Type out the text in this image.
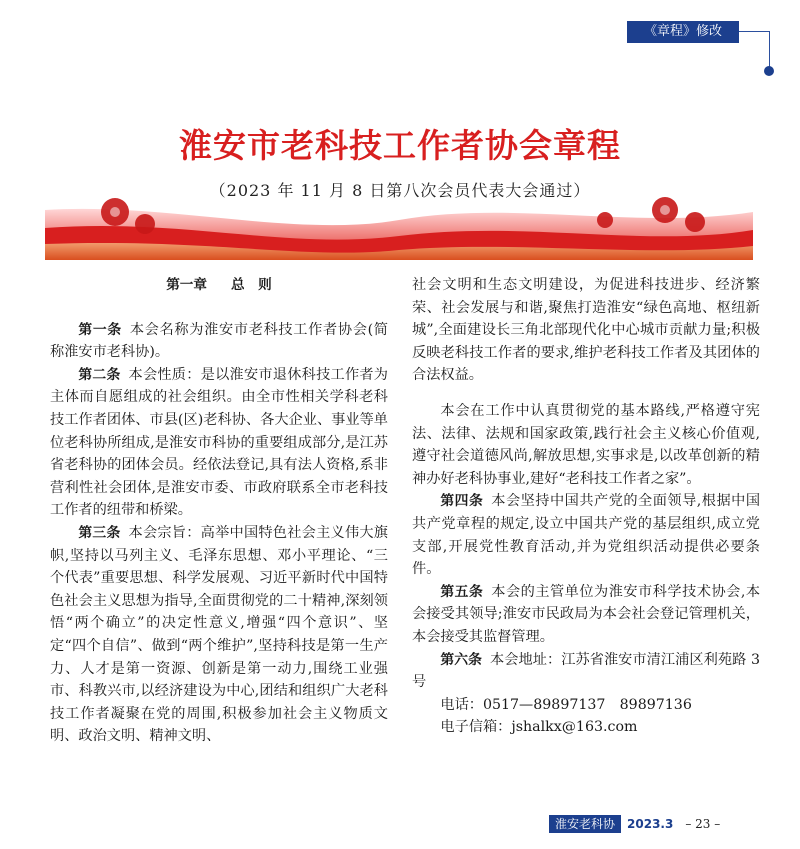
《章程》修改
淮安市老科技工作者协会章程
（2023 年 11 月 8 日第八次会员代表大会通过）

第一章 总　则

第一条 本会名称为淮安市老科技工作者协会(简称淮安市老科协)。

第二条 本会性质：是以淮安市退休科技工作者为主体而自愿组成的社会组织。由全市性相关学科老科技工作者团体、市县(区)老科协、各大企业、事业等单位老科协所组成,是淮安市科协的重要组成部分,是江苏省老科协的团体会员。经依法登记,具有法人资格,系非营利性社会团体,是淮安市委、市政府联系全市老科技工作者的纽带和桥梁。

第三条 本会宗旨：高举中国特色社会主义伟大旗帜,坚持以马列主义、毛泽东思想、邓小平理论、“三个代表”重要思想、科学发展观、习近平新时代中国特色社会主义思想为指导,全面贯彻党的二十精神,深刻领悟“两个确立”的决定性意义,增强“四个意识”、坚定“四个自信”、做到“两个维护”,坚持科技是第一生产力、人才是第一资源、创新是第一动力,围绕工业强市、科教兴市,以经济建设为中心,团结和组织广大老科技工作者凝聚在党的周围,积极参加社会主义物质文明、政治文明、精神文明、

社会文明和生态文明建设，为促进科技进步、经济繁荣、社会发展与和谐,聚焦打造淮安“绿色高地、枢纽新城”,全面建设长三角北部现代化中心城市贡献力量;积极反映老科技工作者的要求,维护老科技工作者及其团体的合法权益。

本会在工作中认真贯彻党的基本路线,严格遵守宪法、法律、法规和国家政策,践行社会主义核心价值观,遵守社会道德风尚,解放思想,实事求是,以改革创新的精神办好老科协事业,建好“老科技工作者之家”。

第四条 本会坚持中国共产党的全面领导,根据中国共产党章程的规定,设立中国共产党的基层组织,成立党支部,开展党性教育活动,并为党组织活动提供必要条件。

第五条 本会的主管单位为淮安市科学技术协会,本会接受其领导;淮安市民政局为本会社会登记管理机关，本会接受其监督管理。

第六条 本会地址：江苏省淮安市清江浦区利苑路 3 号

电话：0517—89897137　89897136

电子信箱：jshalkx@163.com

淮安老科协	2023.3 – 23 –
